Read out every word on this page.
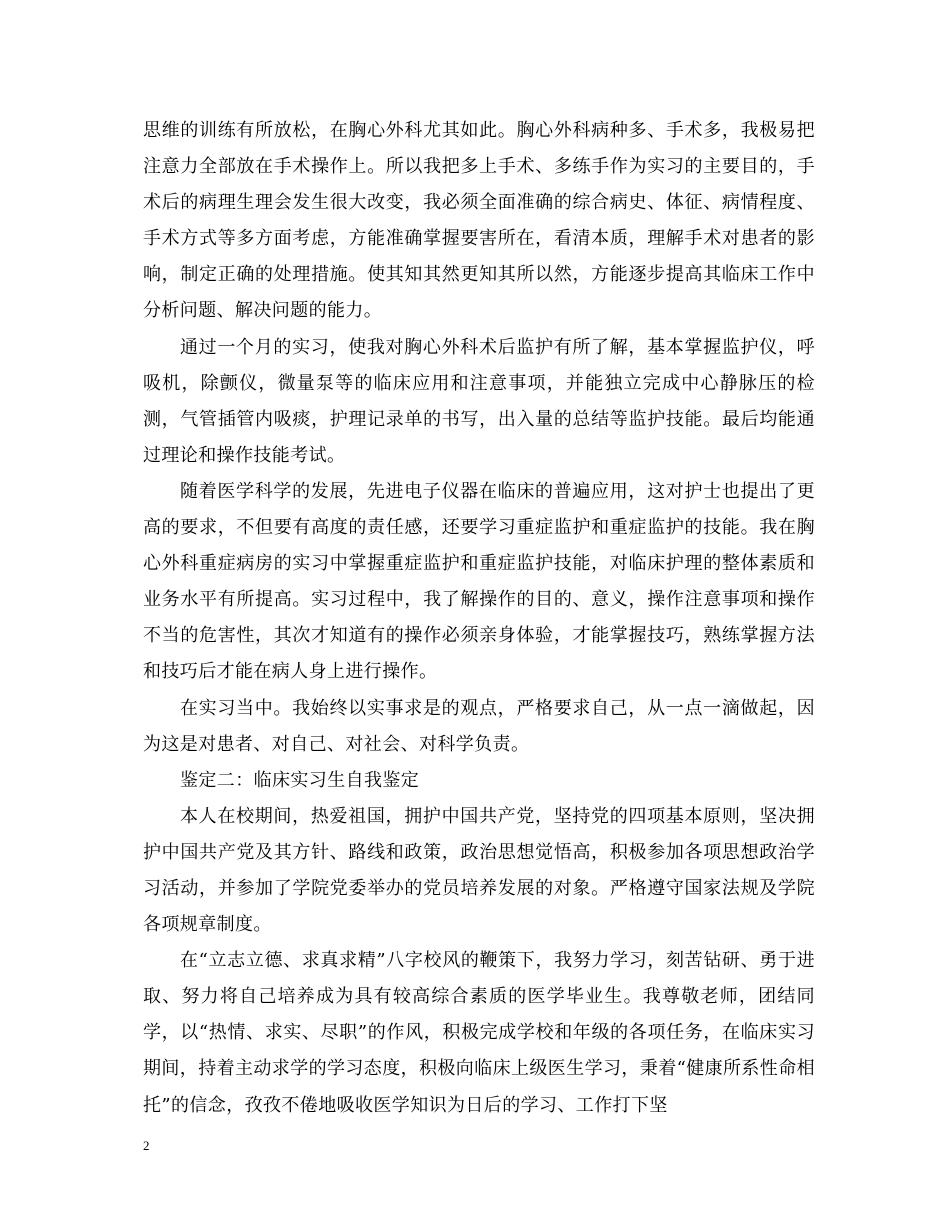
思维的训练有所放松，在胸心外科尤其如此。胸心外科病种多、手术多，我极易把注意力全部放在手术操作上。所以我把多上手术、多练手作为实习的主要目的，手术后的病理生理会发生很大改变，我必须全面准确的综合病史、体征、病情程度、手术方式等多方面考虑，方能准确掌握要害所在，看清本质，理解手术对患者的影响，制定正确的处理措施。使其知其然更知其所以然，方能逐步提高其临床工作中分析问题、解决问题的能力。

通过一个月的实习，使我对胸心外科术后监护有所了解，基本掌握监护仪，呼吸机，除颤仪，微量泵等的临床应用和注意事项，并能独立完成中心静脉压的检测，气管插管内吸痰，护理记录单的书写，出入量的总结等监护技能。最后均能通过理论和操作技能考试。

随着医学科学的发展，先进电子仪器在临床的普遍应用，这对护士也提出了更高的要求，不但要有高度的责任感，还要学习重症监护和重症监护的技能。我在胸心外科重症病房的实习中掌握重症监护和重症监护技能，对临床护理的整体素质和业务水平有所提高。实习过程中，我了解操作的目的、意义，操作注意事项和操作不当的危害性，其次才知道有的操作必须亲身体验，才能掌握技巧，熟练掌握方法和技巧后才能在病人身上进行操作。

在实习当中。我始终以实事求是的观点，严格要求自己，从一点一滴做起，因为这是对患者、对自己、对社会、对科学负责。

鉴定二：临床实习生自我鉴定

本人在校期间，热爱祖国，拥护中国共产党，坚持党的四项基本原则，坚决拥护中国共产党及其方针、路线和政策，政治思想觉悟高，积极参加各项思想政治学习活动，并参加了学院党委举办的党员培养发展的对象。严格遵守国家法规及学院各项规章制度。

在“立志立德、求真求精”八字校风的鞭策下，我努力学习，刻苦钻研、勇于进取、努力将自己培养成为具有较高综合素质的医学毕业生。我尊敬老师，团结同学，以“热情、求实、尽职”的作风，积极完成学校和年级的各项任务，在临床实习期间，持着主动求学的学习态度，积极向临床上级医生学习，秉着“健康所系性命相托”的信念，孜孜不倦地吸收医学知识为日后的学习、工作打下坚

2
